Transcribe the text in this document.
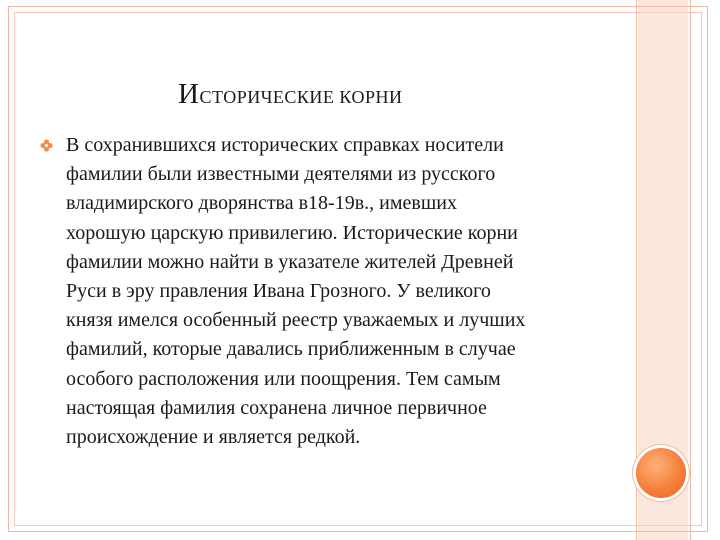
ИСТОРИЧЕСКИЕ КОРНИ
В сохранившихся исторических справках носители
фамилии были известными деятелями из русского
владимирского дворянства в18-19в., имевших
хорошую царскую привилегию. Исторические корни
фамилии можно найти в указателе жителей Древней
Руси в эру правления Ивана Грозного. У великого
князя имелся особенный реестр уважаемых и лучших
фамилий, которые давались приближенным в случае
особого расположения или поощрения. Тем самым
настоящая фамилия сохранена личное первичное
происхождение и является редкой.
